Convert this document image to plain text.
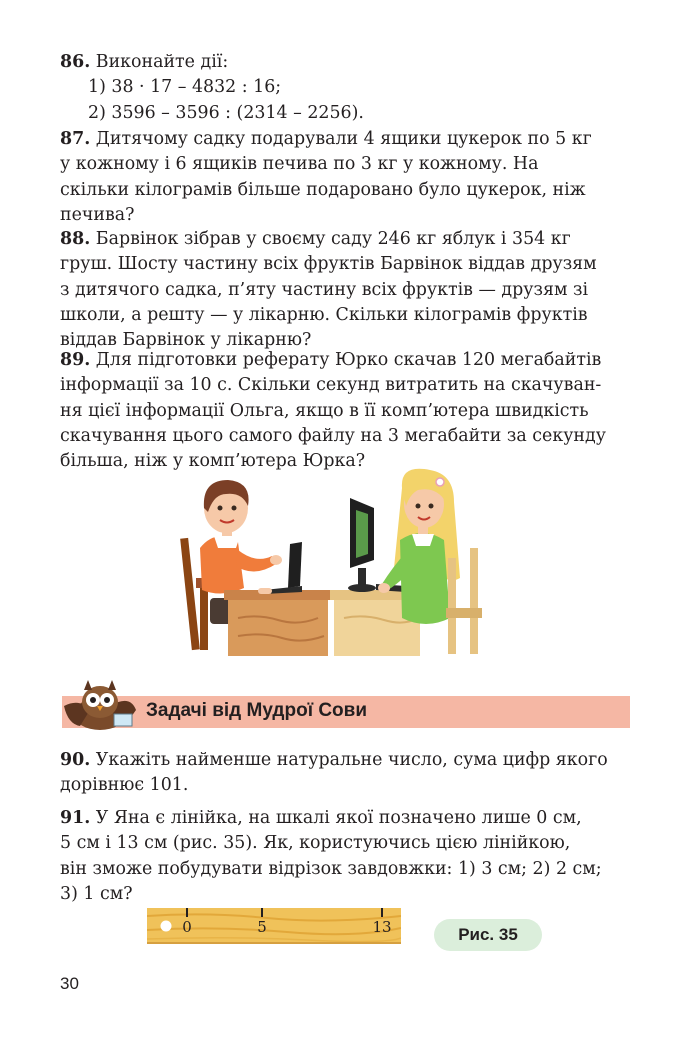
86. Виконайте дії:
1) 38 · 17 – 4832 : 16;
2) 3596 – 3596 : (2314 – 2256).
87. Дитячому садку подарували 4 ящики цукерок по 5 кг
у кожному і 6 ящиків печива по 3 кг у кожному. На
скільки кілограмів більше подаровано було цукерок, ніж
печива?
88. Барвінок зібрав у своєму саду 246 кг яблук і 354 кг
груш. Шосту частину всіх фруктів Барвінок віддав друзям
з дитячого садка, п’яту частину всіх фруктів — друзям зі
школи, а решту — у лікарню. Скільки кілограмів фруктів
віддав Барвінок у лікарню?
89. Для підготовки реферату Юрко скачав 120 мегабайтів
інформації за 10 с. Скільки секунд витратить на скачуван-
ня цієї інформації Ольга, якщо в її комп’ютера швидкість
скачування цього самого файлу на 3 мегабайти за секунду
більша, ніж у комп’ютера Юрка?
Задачі від Мудрої Сови
90. Укажіть найменше натуральне число, сума цифр якого
дорівнює 101.
91. У Яна є лінійка, на шкалі якої позначено лише 0 см,
5 см і 13 см (рис. 35). Як, користуючись цією лінійкою,
він зможе побудувати відрізок завдовжки: 1) 3 см; 2) 2 см;
3) 1 см?
0	5	13	Рис. 35
30
